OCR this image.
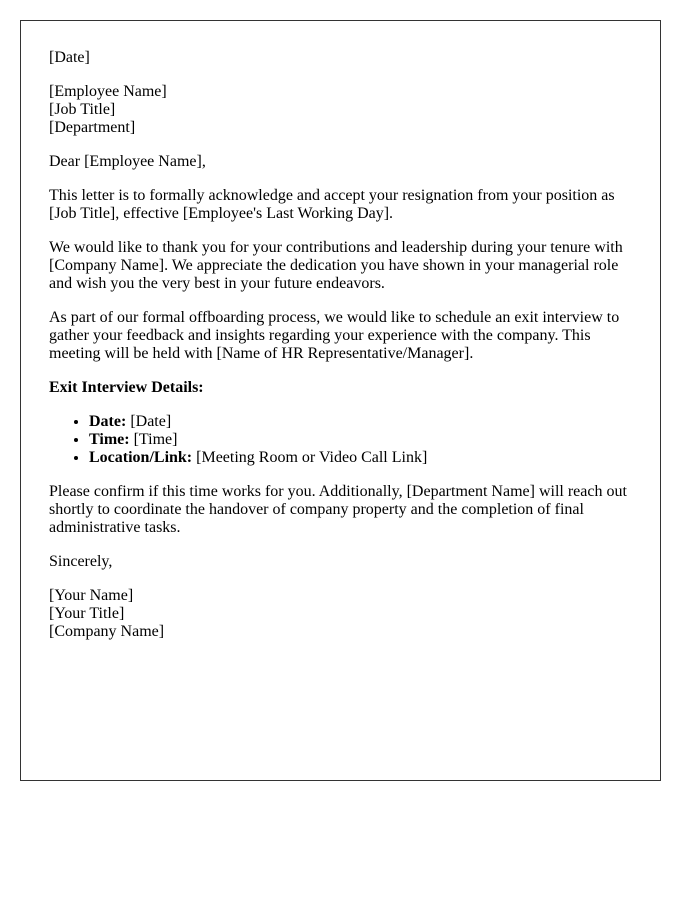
[Date]

[Employee Name]
[Job Title]
[Department]

Dear [Employee Name],

This letter is to formally acknowledge and accept your resignation from your position as [Job Title], effective [Employee's Last Working Day].

We would like to thank you for your contributions and leadership during your tenure with [Company Name]. We appreciate the dedication you have shown in your managerial role and wish you the very best in your future endeavors.

As part of our formal offboarding process, we would like to schedule an exit interview to gather your feedback and insights regarding your experience with the company. This meeting will be held with [Name of HR Representative/Manager].

Exit Interview Details:

• Date: [Date]
• Time: [Time]
• Location/Link: [Meeting Room or Video Call Link]

Please confirm if this time works for you. Additionally, [Department Name] will reach out shortly to coordinate the handover of company property and the completion of final administrative tasks.

Sincerely,

[Your Name]
[Your Title]
[Company Name]
